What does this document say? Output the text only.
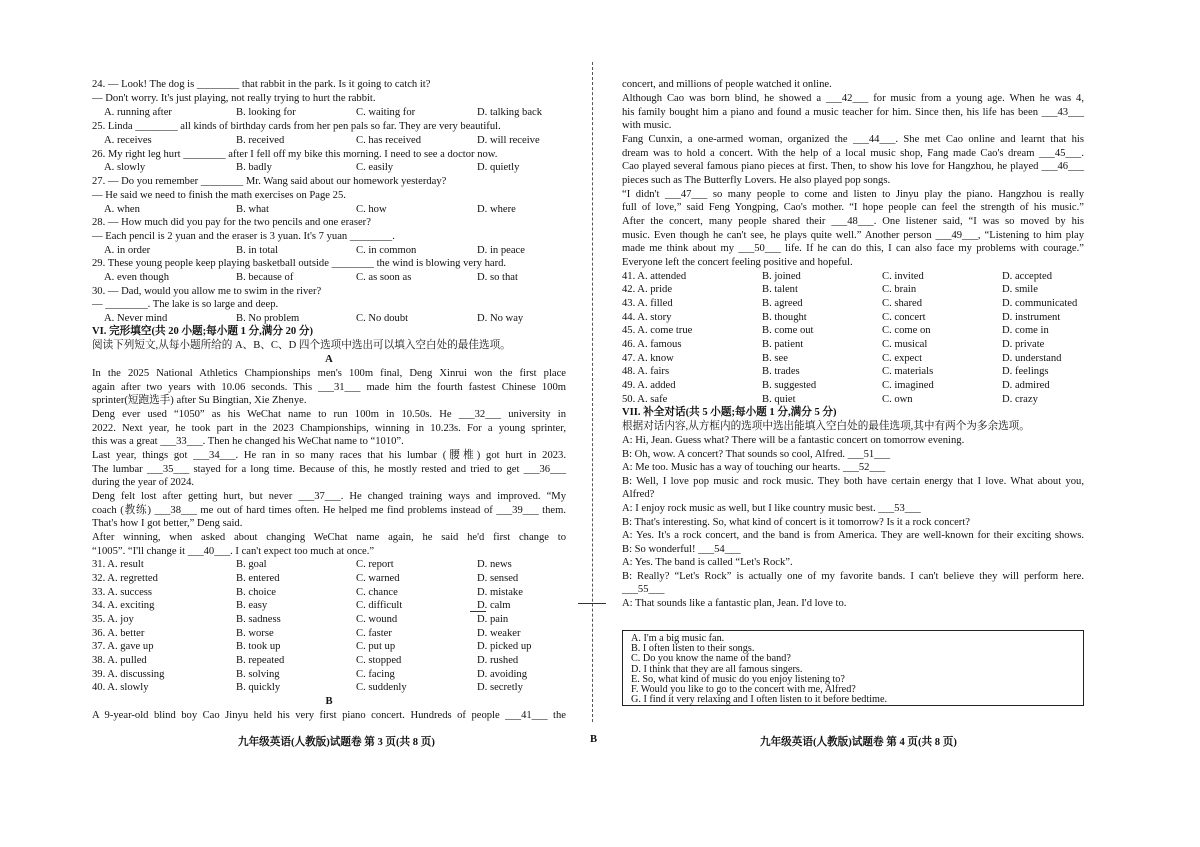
24. — Look! The dog is ________ that rabbit in the park. Is it going to catch it?
— Don't worry. It's just playing, not really trying to hurt the rabbit.
25. Linda ________ all kinds of birthday cards from her pen pals so far. They are very beautiful.
26. My right leg hurt ________ after I fell off my bike this morning. I need to see a doctor now.
27. — Do you remember ________ Mr. Wang said about our homework yesterday?
— He said we need to finish the math exercises on Page 25.
28. — How much did you pay for the two pencils and one eraser?
— Each pencil is 2 yuan and the eraser is 3 yuan. It's 7 yuan ________.
29. These young people keep playing basketball outside ________ the wind is blowing very hard.
30. — Dad, would you allow me to swim in the river?
— ________. The lake is so large and deep.
A. running after	B. looking for	C. waiting for	D. talking back
A. receives	B. received	C. has received	D. will receive
A. slowly	B. badly	C. easily	D. quietly
A. when	B. what	C. how	D. where
A. in order	B. in total	C. in common	D. in peace
A. even though	B. because of	C. as soon as	D. so that
A. Never mind	B. No problem	C. No doubt	D. No way
VI. 完形填空(共 20 小题;每小题 1 分,满分 20 分)
阅读下列短文,从每小题所给的 A、B、C、D 四个选项中选出可以填入空白处的最佳选项。
A
In the 2025 National Athletics Championships men's 100m final, Deng Xinrui won the first place
again after two years with 10.06 seconds. This ___31___ made him the fourth fastest Chinese 100m
sprinter(短跑选手) after Su Bingtian, Xie Zhenye.
Deng ever used “1050” as his WeChat name to run 100m in 10.50s. He ___32___ university in
2022. Next year, he took part in the 2023 Championships, winning in 10.23s. For a young sprinter,
this was a great ___33___. Then he changed his WeChat name to “1010”.
Last year, things got ___34___. He ran in so many races that his lumbar (腰椎) got hurt in 2023.
The lumbar ___35___ stayed for a long time. Because of this, he mostly rested and tried to get ___36___
during the year of 2024.
Deng felt lost after getting hurt, but never ___37___. He changed training ways and improved. “My
coach (教练) ___38___ me out of hard times often. He helped me find problems instead of ___39___ them.
That's how I got better,” Deng said.
After winning, when asked about changing WeChat name again, he said he'd first change to
“1005”. “I'll change it ___40___. I can't expect too much at once.”
31. A. result	B. goal	C. report	D. news
32. A. regretted	B. entered	C. warned	D. sensed
33. A. success	B. choice	C. chance	D. mistake
34. A. exciting	B. easy	C. difficult	D. calm
35. A. joy	B. sadness	C. wound	D. pain
36. A. better	B. worse	C. faster	D. weaker
37. A. gave up	B. took up	C. put up	D. picked up
38. A. pulled	B. repeated	C. stopped	D. rushed
39. A. discussing	B. solving	C. facing	D. avoiding
40. A. slowly	B. quickly	C. suddenly	D. secretly
B
A 9-year-old blind boy Cao Jinyu held his very first piano concert. Hundreds of people ___41___ the
concert, and millions of people watched it online.
Although Cao was born blind, he showed a ___42___ for music from a young age. When he was 4,
his family bought him a piano and found a music teacher for him. Since then, his life has been ___43___
with music.
Fang Cunxin, a one-armed woman, organized the ___44___. She met Cao online and learnt that his
dream was to hold a concert. With the help of a local music shop, Fang made Cao's dream ___45___.
Cao played several famous piano pieces at first. Then, to show his love for Hangzhou, he played ___46___
pieces such as The Butterfly Lovers. He also played pop songs.
“I didn't ___47___ so many people to come and listen to Jinyu play the piano. Hangzhou is really
full of love,” said Feng Yongping, Cao's mother. “I hope people can feel the strength of his music.”
After the concert, many people shared their ___48___. One listener said, “I was so moved by his
music. Even though he can't see, he plays quite well.” Another person ___49___, “Listening to him play
made me think about my ___50___ life. If he can do this, I can also face my problems with courage.”
Everyone left the concert feeling positive and hopeful.
41. A. attended	B. joined	C. invited	D. accepted
42. A. pride	B. talent	C. brain	D. smile
43. A. filled	B. agreed	C. shared	D. communicated
44. A. story	B. thought	C. concert	D. instrument
45. A. come true	B. come out	C. come on	D. come in
46. A. famous	B. patient	C. musical	D. private
47. A. know	B. see	C. expect	D. understand
48. A. fairs	B. trades	C. materials	D. feelings
49. A. added	B. suggested	C. imagined	D. admired
50. A. safe	B. quiet	C. own	D. crazy
VII. 补全对话(共 5 小题;每小题 1 分,满分 5 分)
根据对话内容,从方框内的选项中选出能填入空白处的最佳选项,其中有两个为多余选项。
A: Hi, Jean. Guess what? There will be a fantastic concert on tomorrow evening.
B: Oh, wow. A concert? That sounds so cool, Alfred. ___51___
A: Me too. Music has a way of touching our hearts. ___52___
B: Well, I love pop music and rock music. They both have certain energy that I love. What about you,
Alfred?
A: I enjoy rock music as well, but I like country music best. ___53___
B: That's interesting. So, what kind of concert is it tomorrow? Is it a rock concert?
A: Yes. It's a rock concert, and the band is from America. They are well-known for their exciting shows.
B: So wonderful! ___54___
A: Yes. The band is called “Let's Rock”.
B: Really? “Let's Rock” is actually one of my favorite bands. I can't believe they will perform here.
___55___
A: That sounds like a fantastic plan, Jean. I'd love to.
A. I'm a big music fan.
B. I often listen to their songs.
C. Do you know the name of the band?
D. I think that they are all famous singers.
E. So, what kind of music do you enjoy listening to?
F. Would you like to go to the concert with me, Alfred?
G. I find it very relaxing and I often listen to it before bedtime.
九年级英语(人教版)试题卷 第 3 页(共 8 页)	B	九年级英语(人教版)试题卷 第 4 页(共 8 页)
